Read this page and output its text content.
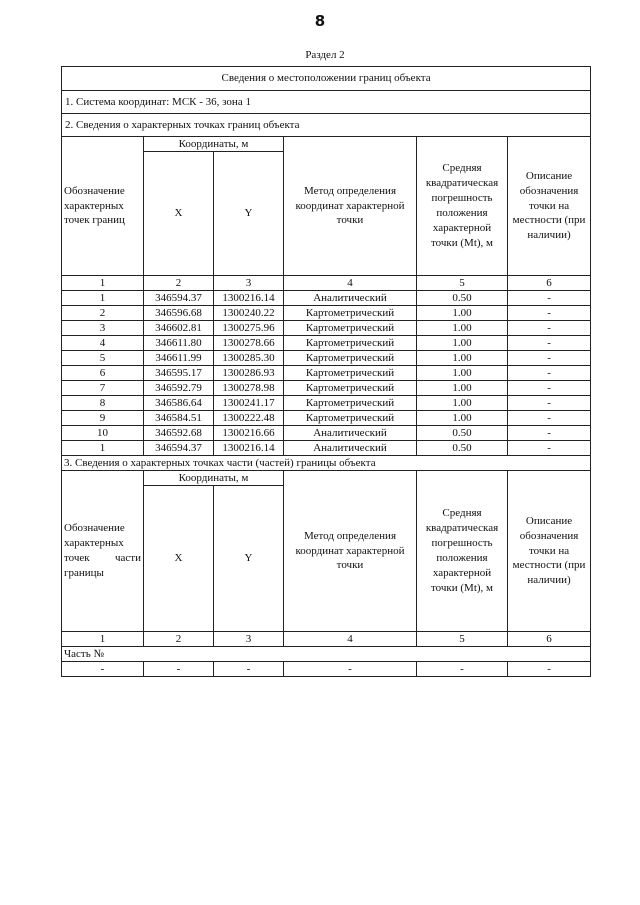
8
Раздел 2
Сведения о местоположении границ объекта					
1. Система координат: МСК - 36, зона 1					
2. Сведения о характерных точках границ объекта					
Обозначение характерных точек границ	Координаты, м		Метод определения координат характерной точки	Средняя квадратическая погрешность положения характерной точки (Mt), м	Описание обозначения точки на местности (при наличии)
	X	Y			
1	2	3	4	5	6
1	346594.37	1300216.14	Аналитический	0.50	-
2	346596.68	1300240.22	Картометрический	1.00	-
3	346602.81	1300275.96	Картометрический	1.00	-
4	346611.80	1300278.66	Картометрический	1.00	-
5	346611.99	1300285.30	Картометрический	1.00	-
6	346595.17	1300286.93	Картометрический	1.00	-
7	346592.79	1300278.98	Картометрический	1.00	-
8	346586.64	1300241.17	Картометрический	1.00	-
9	346584.51	1300222.48	Картометрический	1.00	-
10	346592.68	1300216.66	Аналитический	0.50	-
1	346594.37	1300216.14	Аналитический	0.50	-
3. Сведения о характерных точках части (частей) границы объекта					
Обозначение характерных точек части границы	Координаты, м		Метод определения координат характерной точки	Средняя квадратическая погрешность положения характерной точки (Mt), м	Описание обозначения точки на местности (при наличии)
	X	Y			
1	2	3	4	5	6
Часть №					
-	-	-	-	-	-
